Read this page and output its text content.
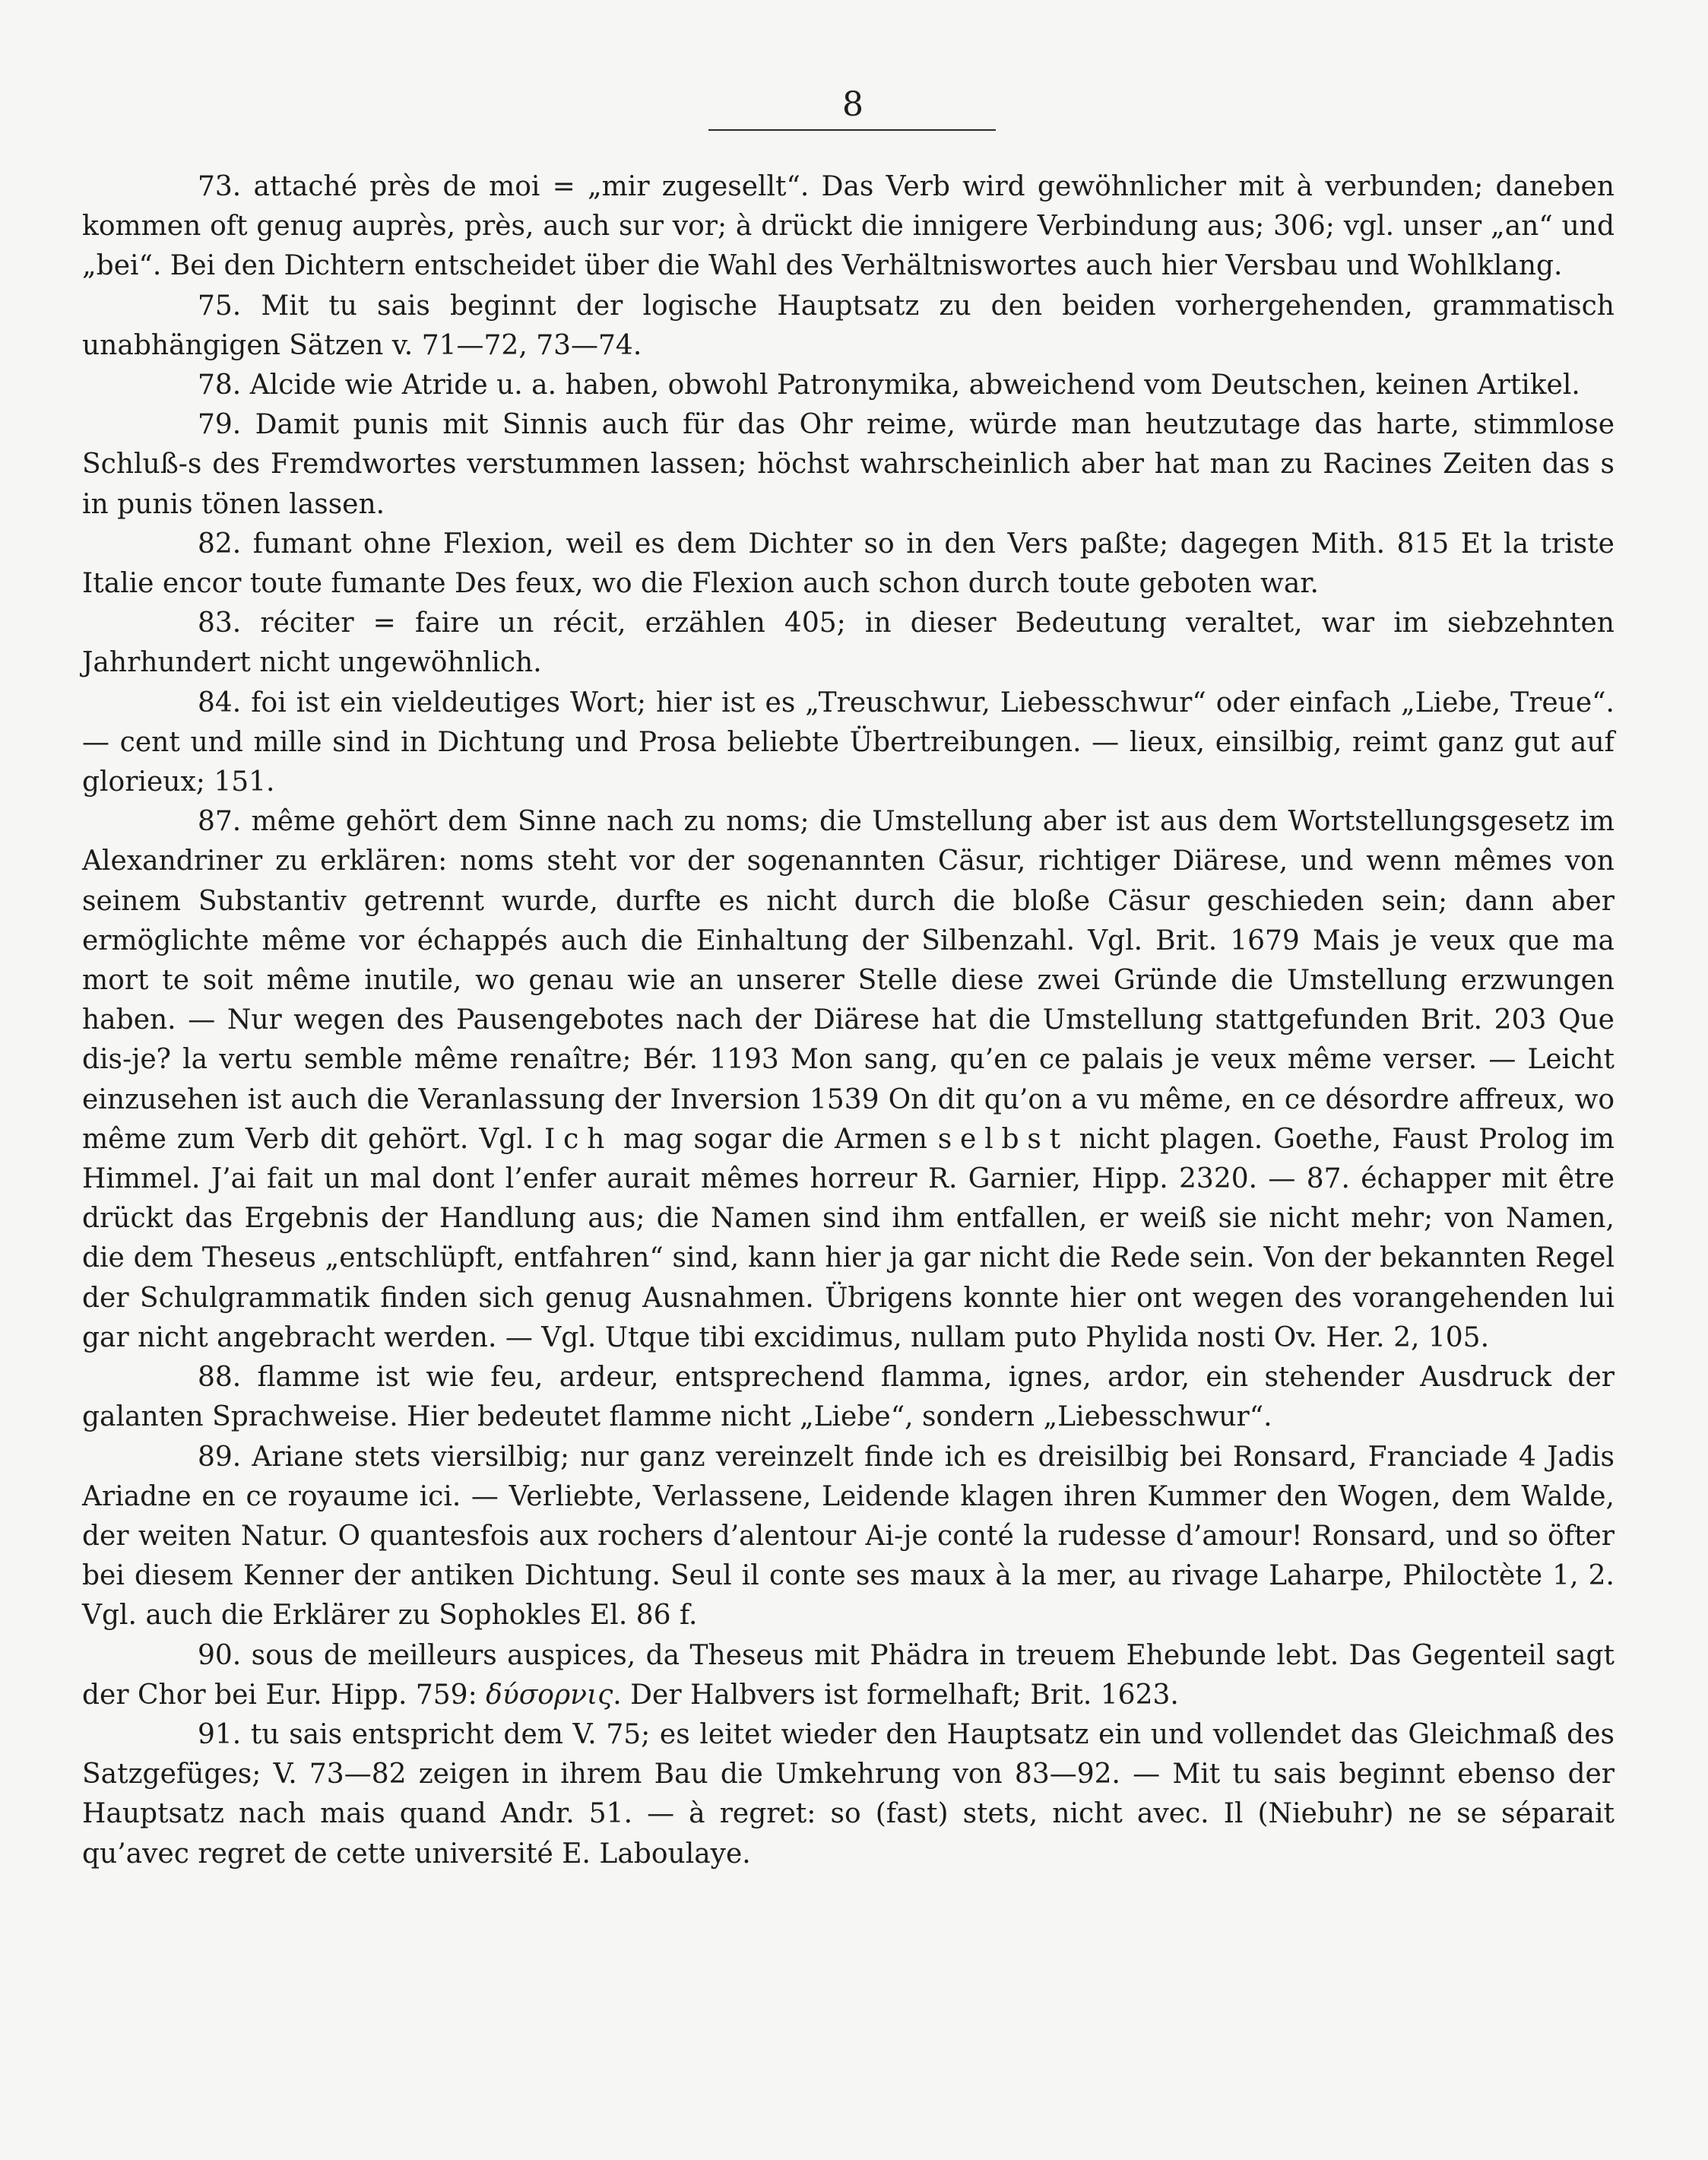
8

73. attaché près de moi = „mir zugesellt“. Das Verb wird gewöhnlicher mit à verbunden; daneben kommen oft genug auprès, près, auch sur vor; à drückt die innigere Verbindung aus; 306; vgl. unser „an“ und „bei“. Bei den Dichtern entscheidet über die Wahl des Verhältniswortes auch hier Versbau und Wohlklang.

75. Mit tu sais beginnt der logische Hauptsatz zu den beiden vorhergehenden, grammatisch unabhängigen Sätzen v. 71—72, 73—74.

78. Alcide wie Atride u. a. haben, obwohl Patronymika, abweichend vom Deutschen, keinen Artikel.

79. Damit punis mit Sinnis auch für das Ohr reime, würde man heutzutage das harte, stimmlose Schluß-s des Fremdwortes verstummen lassen; höchst wahrscheinlich aber hat man zu Racines Zeiten das s in punis tönen lassen.

82. fumant ohne Flexion, weil es dem Dichter so in den Vers paßte; dagegen Mith. 815 Et la triste Italie encor toute fumante Des feux, wo die Flexion auch schon durch toute geboten war.

83. réciter = faire un récit, erzählen 405; in dieser Bedeutung veraltet, war im siebzehnten Jahrhundert nicht ungewöhnlich.

84. foi ist ein vieldeutiges Wort; hier ist es „Treuschwur, Liebesschwur“ oder einfach „Liebe, Treue“. — cent und mille sind in Dichtung und Prosa beliebte Übertreibungen. — lieux, einsilbig, reimt ganz gut auf glorieux; 151.

87. même gehört dem Sinne nach zu noms; die Umstellung aber ist aus dem Wortstellungsgesetz im Alexandriner zu erklären: noms steht vor der sogenannten Cäsur, richtiger Diärese, und wenn mêmes von seinem Substantiv getrennt wurde, durfte es nicht durch die bloße Cäsur geschieden sein; dann aber ermöglichte même vor échappés auch die Einhaltung der Silbenzahl. Vgl. Brit. 1679 Mais je veux que ma mort te soit même inutile, wo genau wie an unserer Stelle diese zwei Gründe die Umstellung erzwungen haben. — Nur wegen des Pausengebotes nach der Diärese hat die Umstellung stattgefunden Brit. 203 Que dis-je? la vertu semble même renaître; Bér. 1193 Mon sang, qu’en ce palais je veux même verser. — Leicht einzusehen ist auch die Veranlassung der Inversion 1539 On dit qu’on a vu même, en ce désordre affreux, wo même zum Verb dit gehört. Vgl. Ich mag sogar die Armen selbst nicht plagen. Goethe, Faust Prolog im Himmel. J’ai fait un mal dont l’enfer aurait mêmes horreur R. Garnier, Hipp. 2320. — 87. échapper mit être drückt das Ergebnis der Handlung aus; die Namen sind ihm entfallen, er weiß sie nicht mehr; von Namen, die dem Theseus „entschlüpft, entfahren“ sind, kann hier ja gar nicht die Rede sein. Von der bekannten Regel der Schulgrammatik finden sich genug Ausnahmen. Übrigens konnte hier ont wegen des vorangehenden lui gar nicht angebracht werden. — Vgl. Utque tibi excidimus, nullam puto Phylida nosti Ov. Her. 2, 105.

88. flamme ist wie feu, ardeur, entsprechend flamma, ignes, ardor, ein stehender Ausdruck der galanten Sprachweise. Hier bedeutet flamme nicht „Liebe“, sondern „Liebesschwur“.

89. Ariane stets viersilbig; nur ganz vereinzelt finde ich es dreisilbig bei Ronsard, Franciade 4 Jadis Ariadne en ce royaume ici. — Verliebte, Verlassene, Leidende klagen ihren Kummer den Wogen, dem Walde, der weiten Natur. O quantesfois aux rochers d’alentour Ai-je conté la rudesse d’amour! Ronsard, und so öfter bei diesem Kenner der antiken Dichtung. Seul il conte ses maux à la mer, au rivage Laharpe, Philoctète 1, 2. Vgl. auch die Erklärer zu Sophokles El. 86 f.

90. sous de meilleurs auspices, da Theseus mit Phädra in treuem Ehebunde lebt. Das Gegenteil sagt der Chor bei Eur. Hipp. 759: δύσορνις. Der Halbvers ist formelhaft; Brit. 1623.

91. tu sais entspricht dem V. 75; es leitet wieder den Hauptsatz ein und vollendet das Gleichmaß des Satzgefüges; V. 73—82 zeigen in ihrem Bau die Umkehrung von 83—92. — Mit tu sais beginnt ebenso der Hauptsatz nach mais quand Andr. 51. — à regret: so (fast) stets, nicht avec. Il (Niebuhr) ne se séparait qu’avec regret de cette université E. Laboulaye.
